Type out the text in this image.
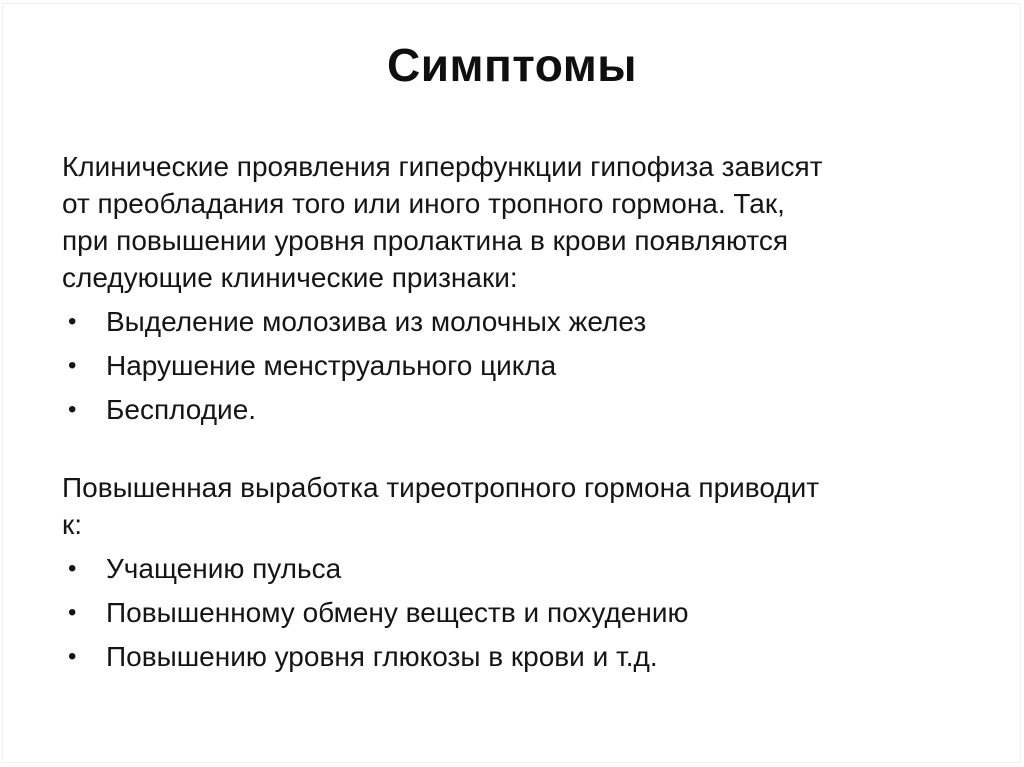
Симптомы
Клинические проявления гиперфункции гипофиза зависят
от преобладания того или иного тропного гормона. Так,
при повышении уровня пролактина в крови появляются
следующие клинические признаки:
•	Выделение молозива из молочных желез
•	Нарушение менструального цикла
•	Бесплодие.
Повышенная выработка тиреотропного гормона приводит
к:
•	Учащению пульса
•	Повышенному обмену веществ и похудению
•	Повышению уровня глюкозы в крови и т.д.
